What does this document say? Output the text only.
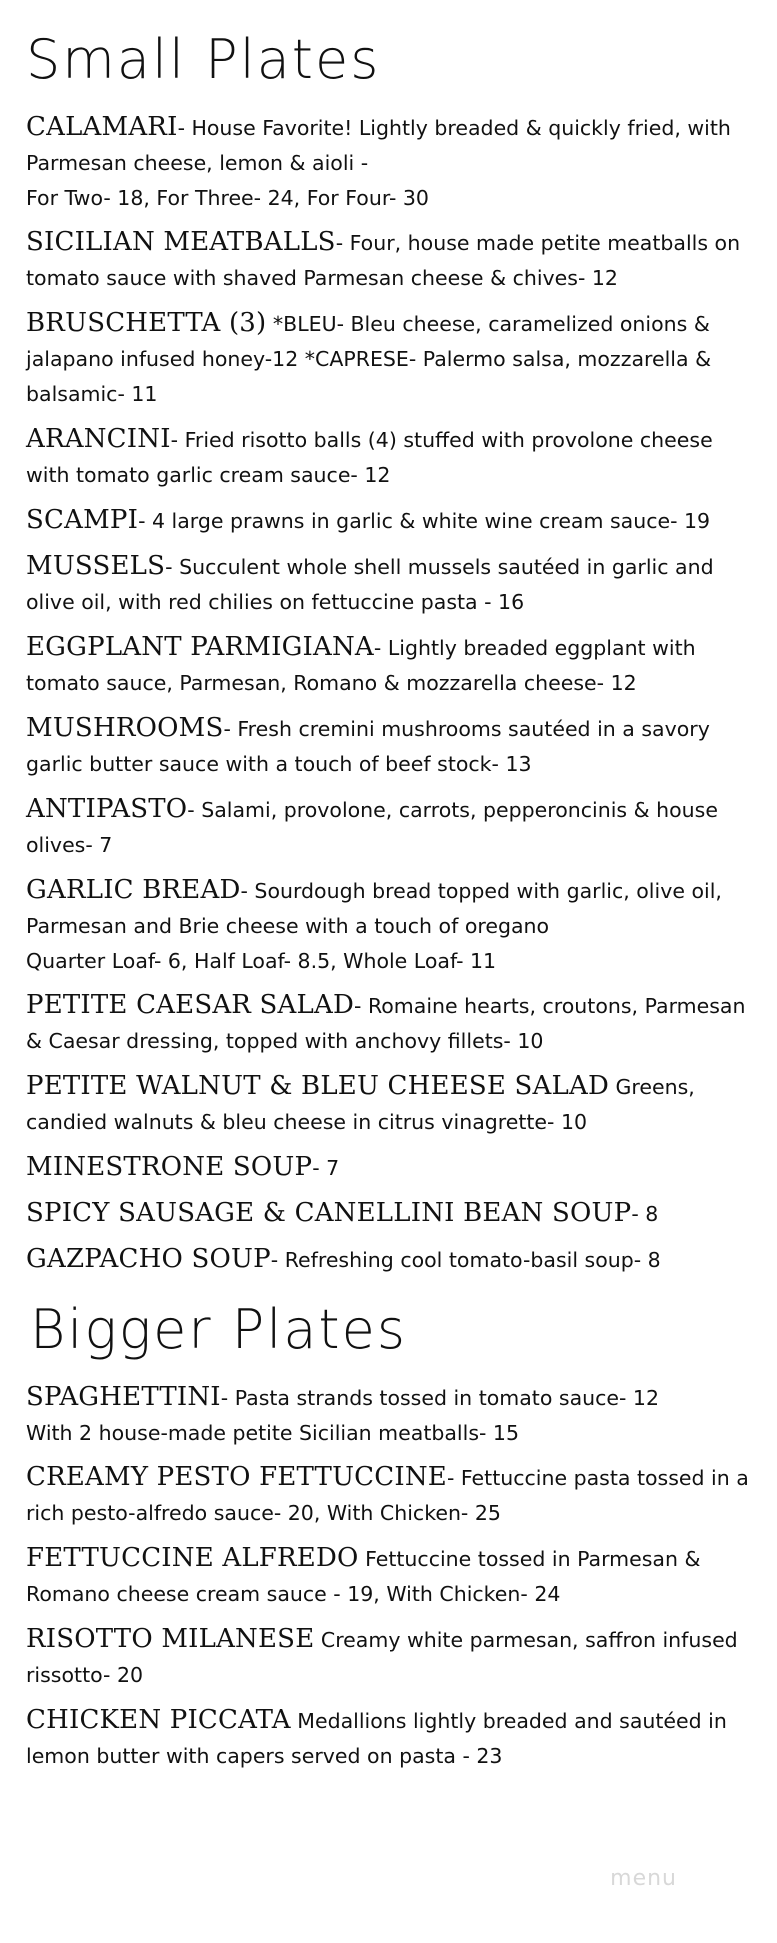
Small Plates
CALAMARI- House Favorite! Lightly breaded & quickly fried, with Parmesan cheese, lemon & aioli -
For Two- 18, For Three- 24, For Four- 30
SICILIAN MEATBALLS- Four, house made petite meatballs on tomato sauce with shaved Parmesan cheese & chives- 12
BRUSCHETTA (3) *BLEU- Bleu cheese, caramelized onions & jalapano infused honey-12 *CAPRESE- Palermo salsa, mozzarella & balsamic- 11
ARANCINI- Fried risotto balls (4) stuffed with provolone cheese with tomato garlic cream sauce- 12
SCAMPI- 4 large prawns in garlic & white wine cream sauce- 19
MUSSELS- Succulent whole shell mussels sautéed in garlic and olive oil, with red chilies on fettuccine pasta - 16
EGGPLANT PARMIGIANA- Lightly breaded eggplant with tomato sauce, Parmesan, Romano & mozzarella cheese- 12
MUSHROOMS- Fresh cremini mushrooms sautéed in a savory garlic butter sauce with a touch of beef stock- 13
ANTIPASTO- Salami, provolone, carrots, pepperoncinis & house olives- 7
GARLIC BREAD- Sourdough bread topped with garlic, olive oil, Parmesan and Brie cheese with a touch of oregano
Quarter Loaf- 6, Half Loaf- 8.5, Whole Loaf- 11
PETITE CAESAR SALAD- Romaine hearts, croutons, Parmesan & Caesar dressing, topped with anchovy fillets- 10
PETITE WALNUT & BLEU CHEESE SALAD Greens, candied walnuts & bleu cheese in citrus vinagrette- 10
MINESTRONE SOUP- 7
SPICY SAUSAGE & CANELLINI BEAN SOUP- 8
GAZPACHO SOUP- Refreshing cool tomato-basil soup- 8
Bigger Plates
SPAGHETTINI- Pasta strands tossed in tomato sauce- 12
With 2 house-made petite Sicilian meatballs- 15
CREAMY PESTO FETTUCCINE- Fettuccine pasta tossed in a rich pesto-alfredo sauce- 20, With Chicken- 25
FETTUCCINE ALFREDO Fettuccine tossed in Parmesan & Romano cheese cream sauce - 19, With Chicken- 24
RISOTTO MILANESE Creamy white parmesan, saffron infused rissotto- 20
CHICKEN PICCATA Medallions lightly breaded and sautéed in lemon butter with capers served on pasta - 23
menu
